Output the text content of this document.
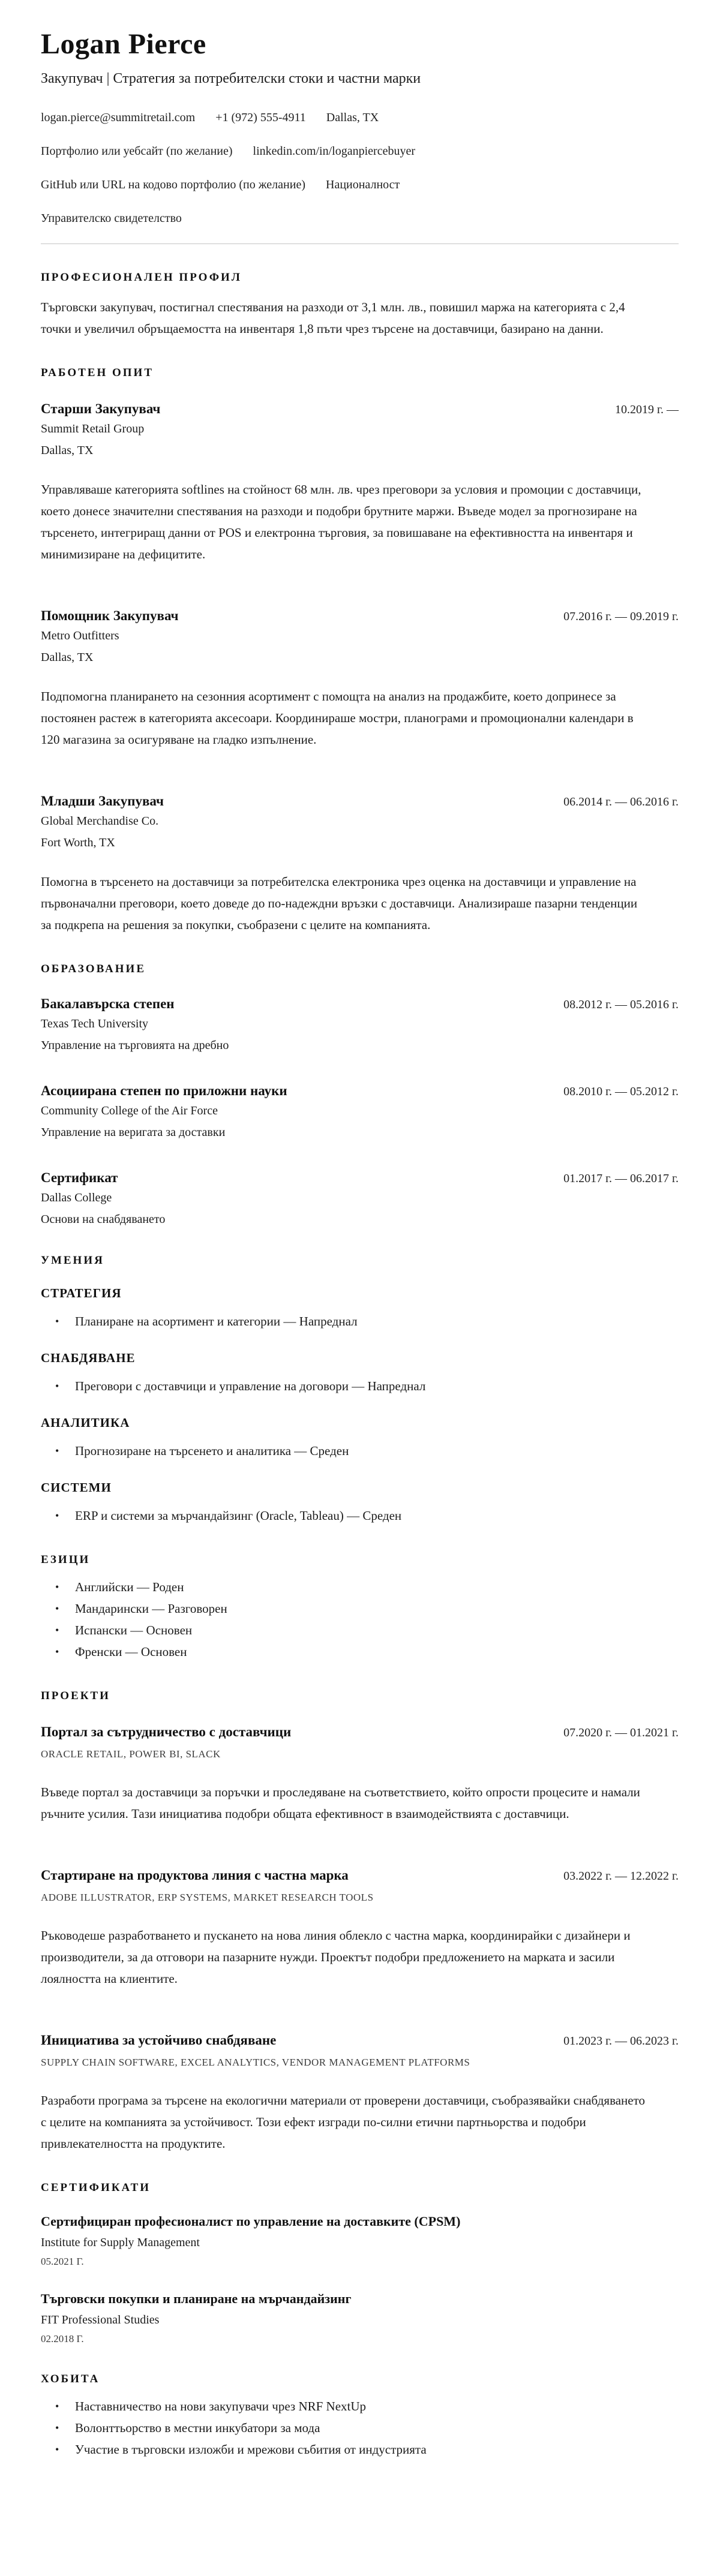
Logan Pierce

Закупувач | Стратегия за потребителски стоки и частни марки

logan.pierce@summitretail.com +1 (972) 555-4911 Dallas, TX
Портфолио или уебсайт (по желание) linkedin.com/in/loganpiercebuyer
GitHub или URL на кодово портфолио (по желание) Националност
Управителско свидетелство
ПРОФЕСИОНАЛЕН ПРОФИЛ

Търговски закупувач, постигнал спестявания на разходи от 3,1 млн. лв., повишил маржа на категорията с 2,4 точки и увеличил обръщаемостта на инвентаря 1,8 пъти чрез търсене на доставчици, базирано на данни.

РАБОТЕН ОПИТ
Старши Закупувач	10.2019 г. —
Summit Retail Group
Dallas, TX

Управляваше категорията softlines на стойност 68 млн. лв. чрез преговори за условия и промоции с доставчици, което донесе значителни спестявания на разходи и подобри брутните маржи. Въведе модел за прогнозиране на търсенето, интегриращ данни от POS и електронна търговия, за повишаване на ефективността на инвентаря и минимизиране на дефицитите.

Помощник Закупувач	07.2016 г. — 09.2019 г.
Metro Outfitters
Dallas, TX

Подпомогна планирането на сезонния асортимент с помощта на анализ на продажбите, което допринесе за постоянен растеж в категорията аксесоари. Координираше мостри, планограми и промоционални календари в 120 магазина за осигуряване на гладко изпълнение.

Младши Закупувач	06.2014 г. — 06.2016 г.
Global Merchandise Co.
Fort Worth, TX

Помогна в търсенето на доставчици за потребителска електроника чрез оценка на доставчици и управление на първоначални преговори, което доведе до по-надеждни връзки с доставчици. Анализираше пазарни тенденции за подкрепа на решения за покупки, съобразени с целите на компанията.

ОБРАЗОВАНИЕ
Бакалавърска степен	08.2012 г. — 05.2016 г.
Texas Tech University
Управление на търговията на дребно
Асоциирана степен по приложни науки	08.2010 г. — 05.2012 г.
Community College of the Air Force
Управление на веригата за доставки
Сертификат	01.2017 г. — 06.2017 г.
Dallas College
Основи на снабдяването
УМЕНИЯ
СТРАТЕГИЯ
• Планиране на асортимент и категории — Напреднал
СНАБДЯВАНЕ
• Преговори с доставчици и управление на договори — Напреднал
АНАЛИТИКА
• Прогнозиране на търсенето и аналитика — Среден
СИСТЕМИ
• ERP и системи за мърчандайзинг (Oracle, Tableau) — Среден
ЕЗИЦИ
• Английски — Роден
• Мандарински — Разговорен
• Испански — Основен
• Френски — Основен
ПРОЕКТИ
Портал за сътрудничество с доставчици	07.2020 г. — 01.2021 г.
ORACLE RETAIL, POWER BI, SLACK

Въведе портал за доставчици за поръчки и проследяване на съответствието, който опрости процесите и намали ръчните усилия. Тази инициатива подобри общата ефективност в взаимодействията с доставчици.

Стартиране на продуктова линия с частна марка	03.2022 г. — 12.2022 г.
ADOBE ILLUSTRATOR, ERP SYSTEMS, MARKET RESEARCH TOOLS

Ръководеше разработването и пускането на нова линия облекло с частна марка, координирайки с дизайнери и производители, за да отговори на пазарните нужди. Проектът подобри предложението на марката и засили лоялността на клиентите.

Инициатива за устойчиво снабдяване	01.2023 г. — 06.2023 г.
SUPPLY CHAIN SOFTWARE, EXCEL ANALYTICS, VENDOR MANAGEMENT PLATFORMS

Разработи програма за търсене на екологични материали от проверени доставчици, съобразявайки снабдяването с целите на компанията за устойчивост. Този ефект изгради по-силни етични партньорства и подобри привлекателността на продуктите.

СЕРТИФИКАТИ
Сертифициран професионалист по управление на доставките (CPSM)
Institute for Supply Management
05.2021 Г.
Търговски покупки и планиране на мърчандайзинг
FIT Professional Studies
02.2018 Г.
ХОБИТА
• Наставничество на нови закупувачи чрез NRF NextUp
• Волонттьорство в местни инкубатори за мода
• Участие в търговски изложби и мрежови събития от индустрията
